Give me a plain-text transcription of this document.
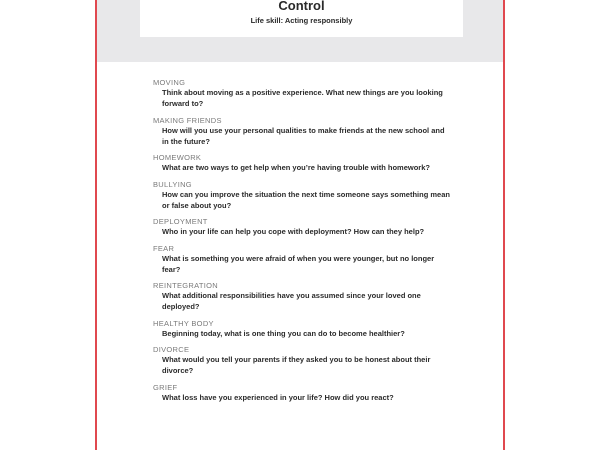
Control
Life skill: Acting responsibly
MOVING
Think about moving as a positive experience. What new things are you looking forward to?
MAKING FRIENDS
How will you use your personal qualities to make friends at the new school and in the future?
HOMEWORK
What are two ways to get help when you’re having trouble with homework?
BULLYING
How can you improve the situation the next time someone says something mean or false about you?
DEPLOYMENT
Who in your life can help you cope with deployment? How can they help?
FEAR
What is something you were afraid of when you were younger, but no longer fear?
REINTEGRATION
What additional responsibilities have you assumed since your loved one deployed?
HEALTHY BODY
Beginning today, what is one thing you can do to become healthier?
DIVORCE
What would you tell your parents if they asked you to be honest about their divorce?
GRIEF
What loss have you experienced in your life? How did you react?
